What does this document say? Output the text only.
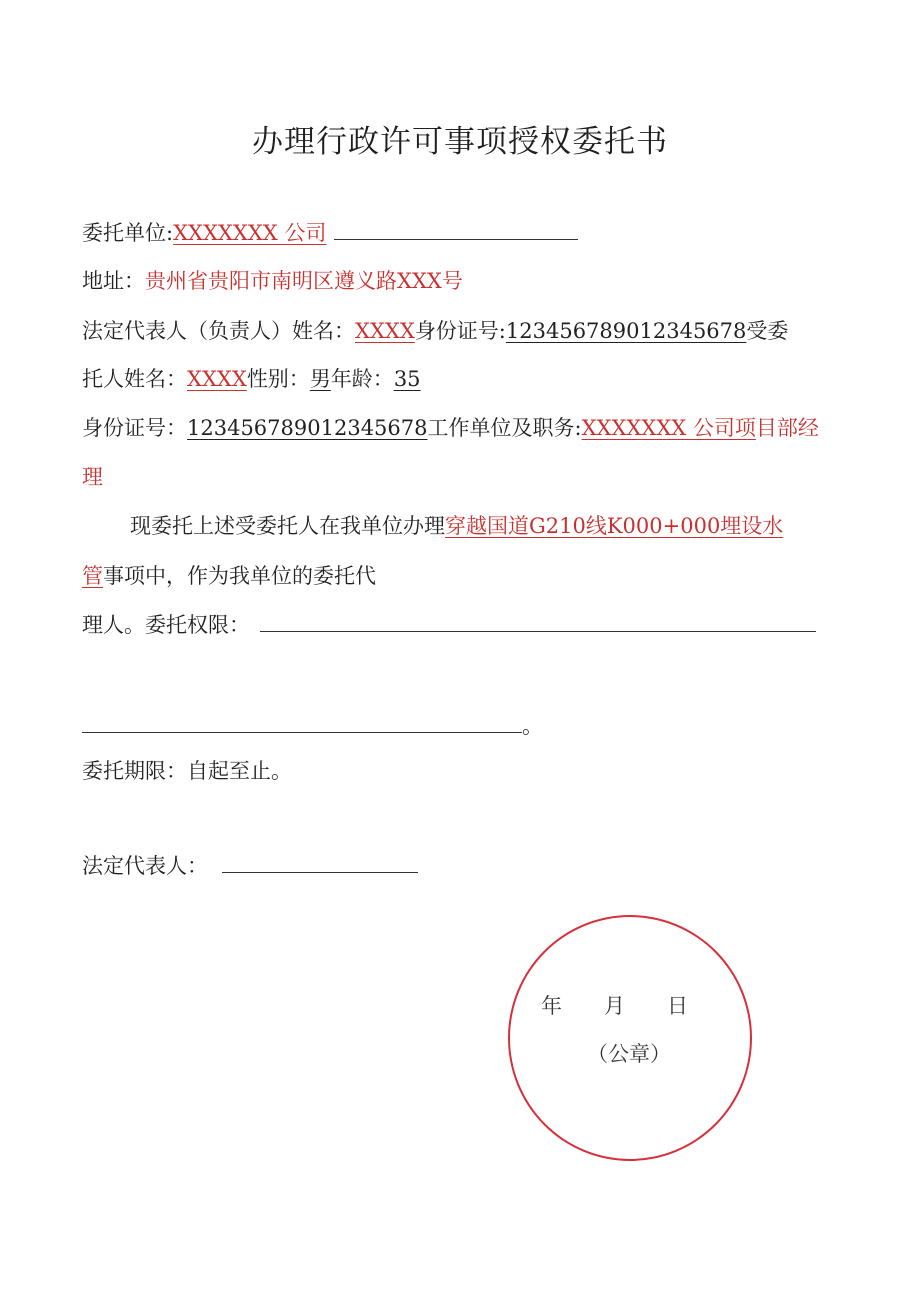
办理行政许可事项授权委托书
委托单位:XXXXXXX 公司
地址：贵州省贵阳市南明区遵义路XXX号
法定代表人（负责人）姓名：XXXX身份证号:123456789012345678受委
托人姓名：XXXX性别：男年龄：35
身份证号：123456789012345678工作单位及职务:XXXXXXX 公司项目部经
理
现委托上述受委托人在我单位办理穿越国道G210线K000+000埋设水
管事项中，作为我单位的委托代
理人。委托权限：
。
委托期限：自起至止。
法定代表人：
年 月 日
（公章）
